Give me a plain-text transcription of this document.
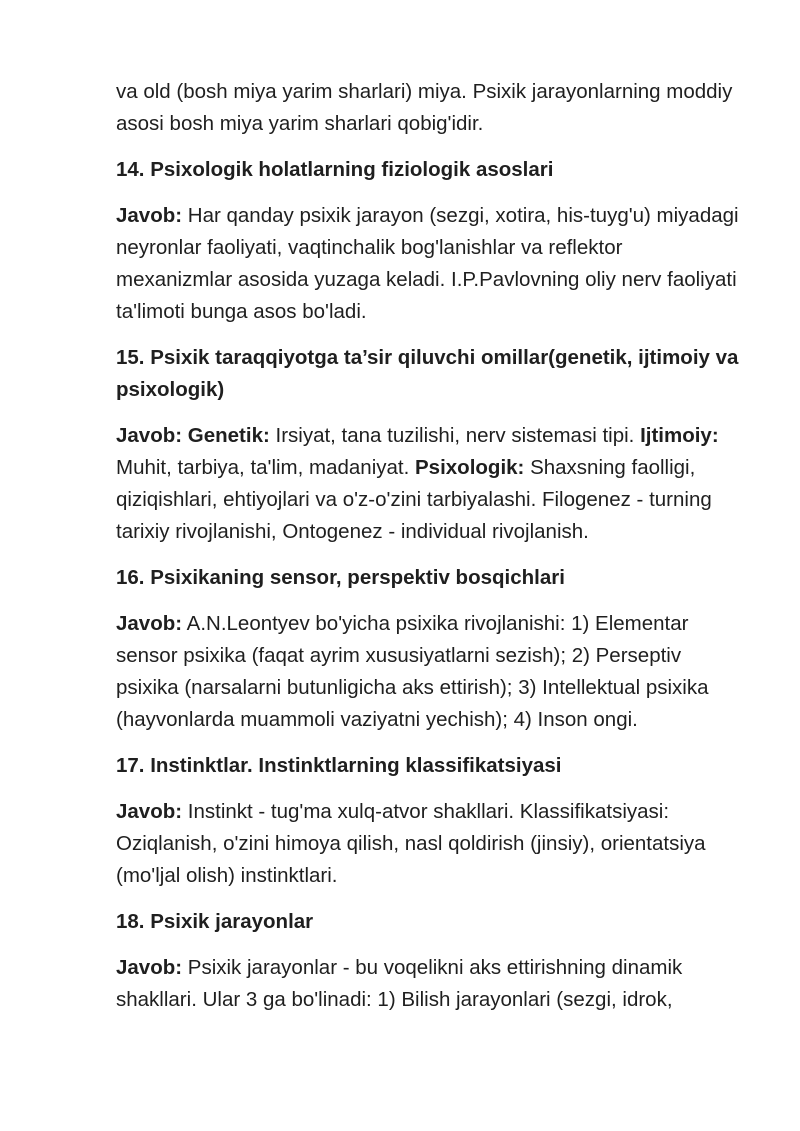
va old (bosh miya yarim sharlari) miya. Psixik jarayonlarning moddiy asosi bosh miya yarim sharlari qobig'idir.

14. Psixologik holatlarning fiziologik asoslari

Javob: Har qanday psixik jarayon (sezgi, xotira, his-tuyg'u) miyadagi neyronlar faoliyati, vaqtinchalik bog'lanishlar va reflektor mexanizmlar asosida yuzaga keladi. I.P.Pavlovning oliy nerv faoliyati ta'limoti bunga asos bo'ladi.

15. Psixik taraqqiyotga ta’sir qiluvchi omillar(genetik, ijtimoiy va psixologik)

Javob: Genetik: Irsiyat, tana tuzilishi, nerv sistemasi tipi. Ijtimoiy: Muhit, tarbiya, ta'lim, madaniyat. Psixologik: Shaxsning faolligi, qiziqishlari, ehtiyojlari va o'z-o'zini tarbiyalashi. Filogenez - turning tarixiy rivojlanishi, Ontogenez - individual rivojlanish.

16. Psixikaning sensor, perspektiv bosqichlari

Javob: A.N.Leontyev bo'yicha psixika rivojlanishi: 1) Elementar sensor psixika (faqat ayrim xususiyatlarni sezish); 2) Perseptiv psixika (narsalarni butunligicha aks ettirish); 3) Intellektual psixika (hayvonlarda muammoli vaziyatni yechish); 4) Inson ongi.

17. Instinktlar. Instinktlarning klassifikatsiyasi

Javob: Instinkt - tug'ma xulq-atvor shakllari. Klassifikatsiyasi: Oziqlanish, o'zini himoya qilish, nasl qoldirish (jinsiy), orientatsiya (mo'ljal olish) instinktlari.

18. Psixik jarayonlar

Javob: Psixik jarayonlar - bu voqelikni aks ettirishning dinamik shakllari. Ular 3 ga bo'linadi: 1) Bilish jarayonlari (sezgi, idrok,
